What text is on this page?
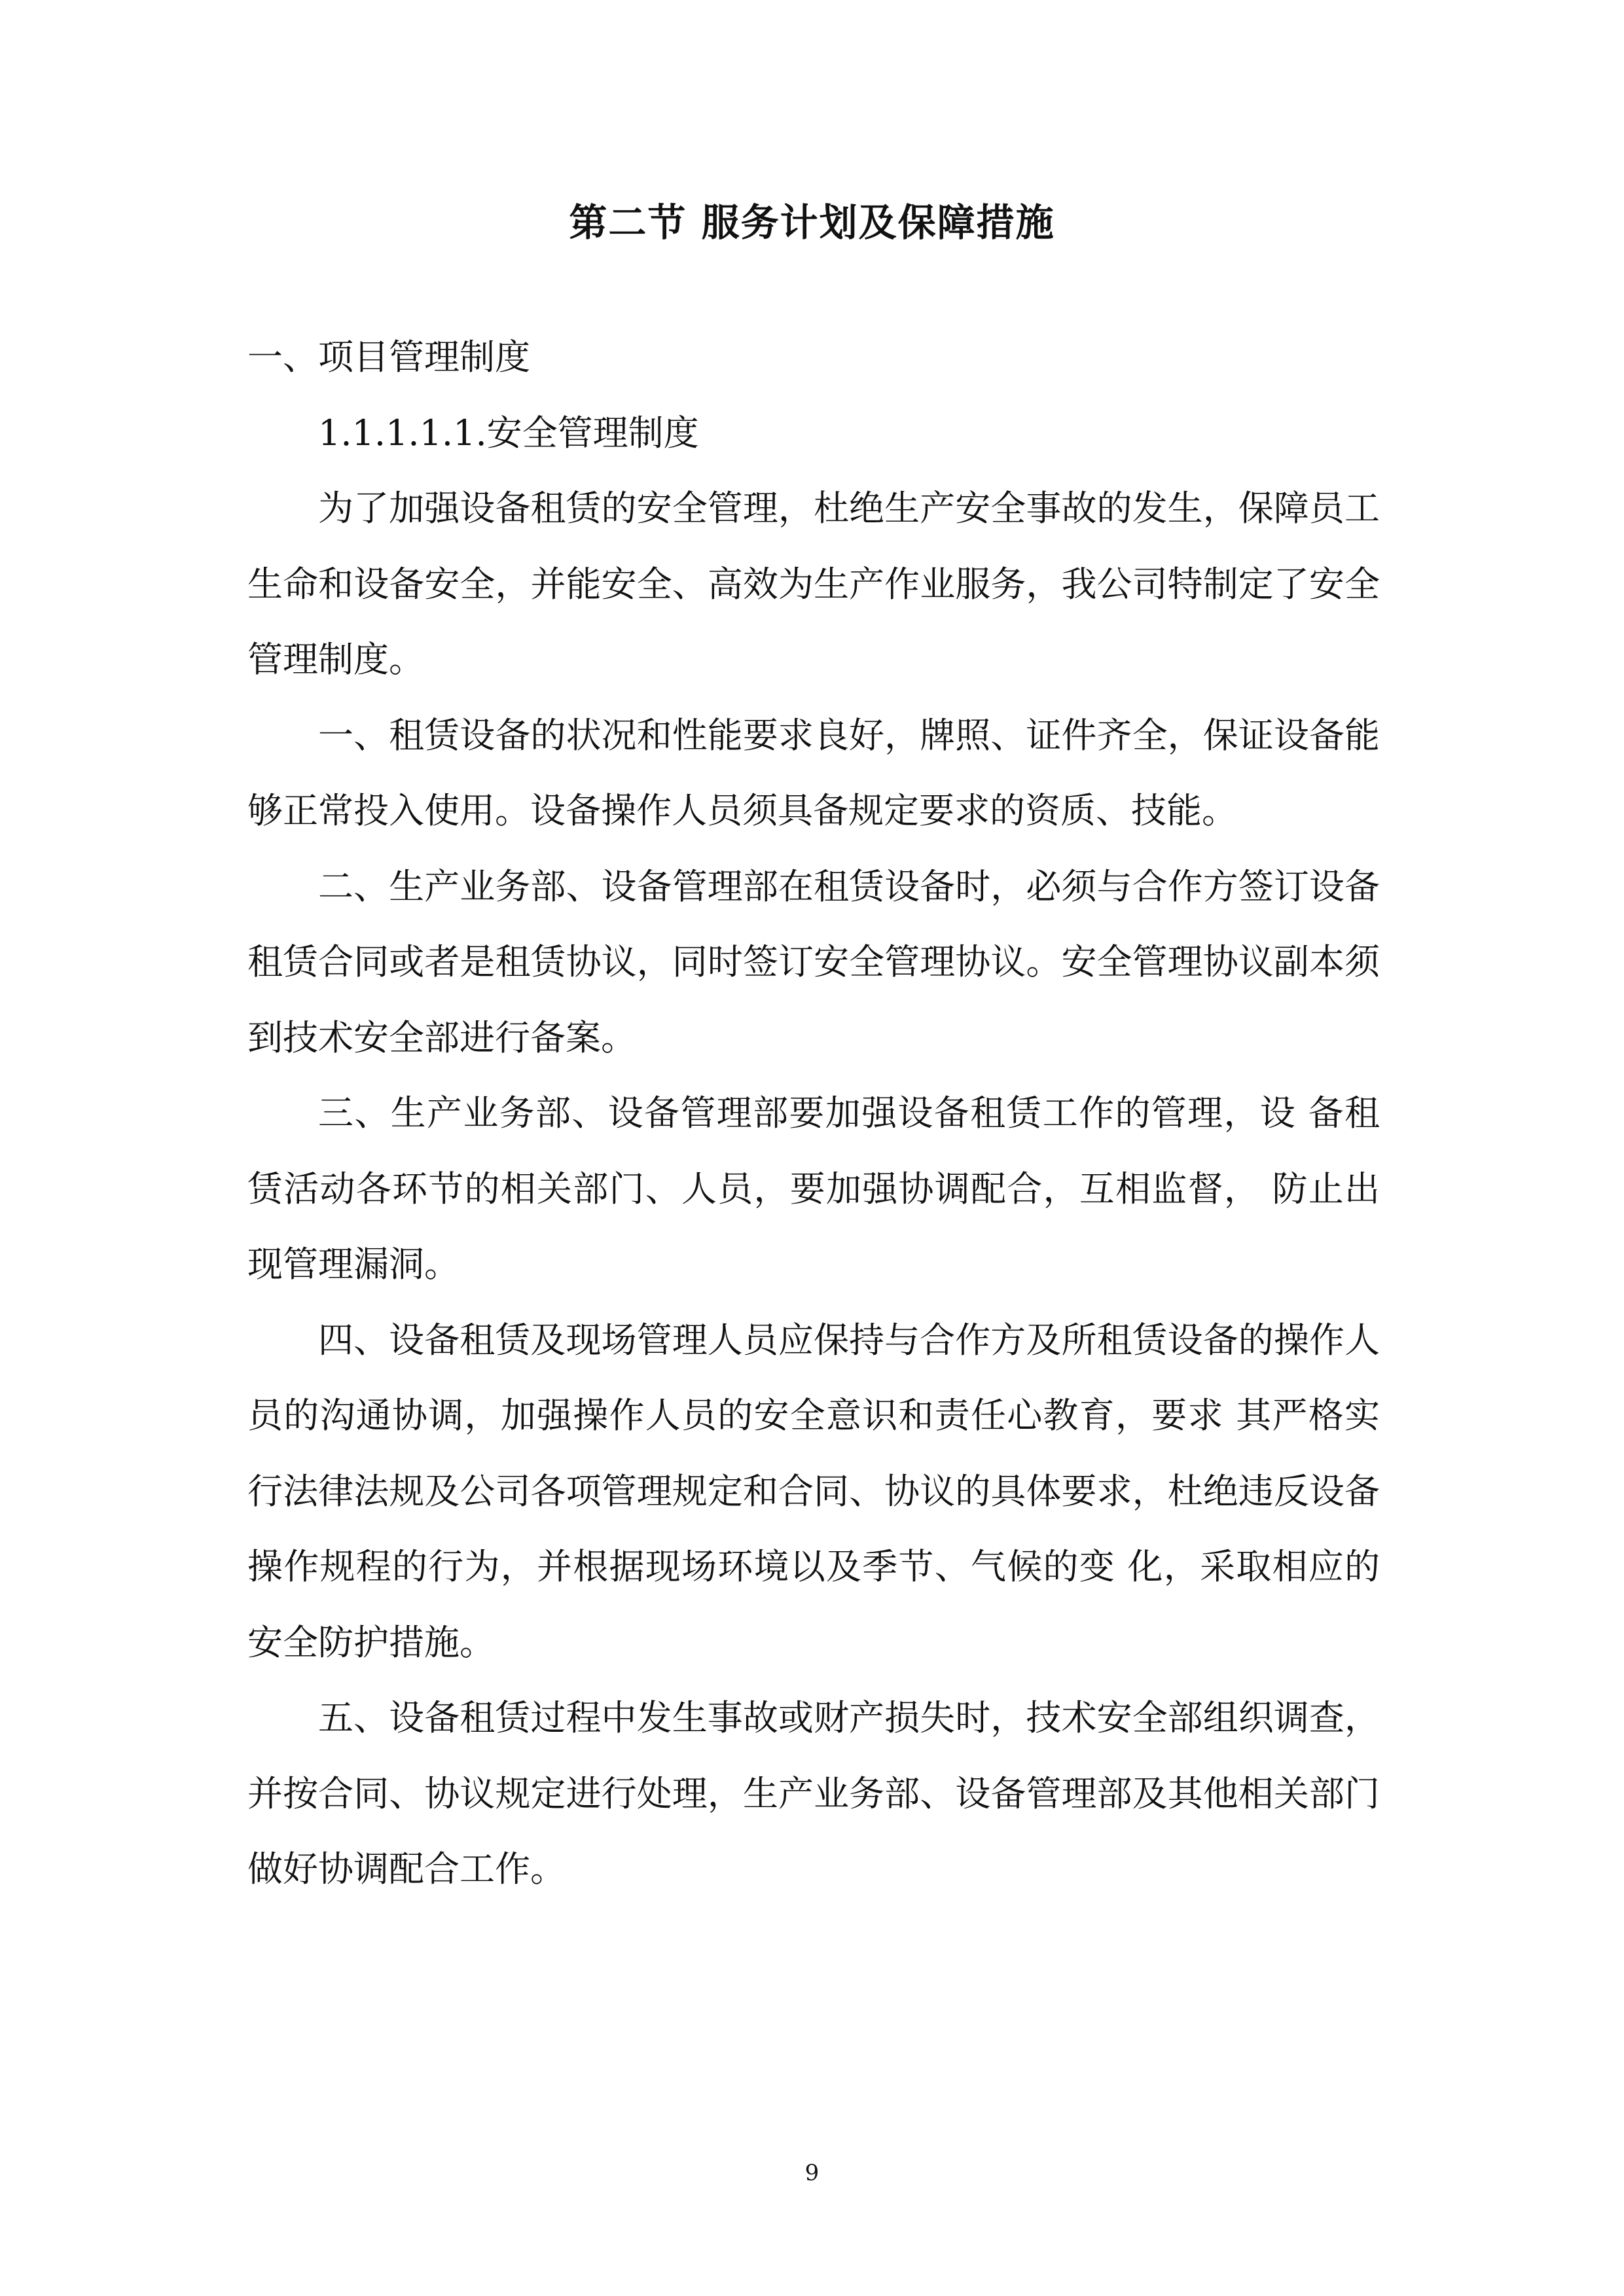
第二节 服务计划及保障措施

一、项目管理制度

1.1.1.1.1.安全管理制度

为了加强设备租赁的安全管理，杜绝生产安全事故的发生，保障员工生命和设备安全，并能安全、高效为生产作业服务，我公司特制定了安全管理制度。

一、租赁设备的状况和性能要求良好，牌照、证件齐全，保证设备能够正常投入使用。设备操作人员须具备规定要求的资质、技能。

二、生产业务部、设备管理部在租赁设备时，必须与合作方签订设备租赁合同或者是租赁协议，同时签订安全管理协议。安全管理协议副本须到技术安全部进行备案。

三、生产业务部、设备管理部要加强设备租赁工作的管理，设 备租赁活动各环节的相关部门、人员，要加强协调配合，互相监督， 防止出现管理漏洞。

四、设备租赁及现场管理人员应保持与合作方及所租赁设备的操作人员的沟通协调，加强操作人员的安全意识和责任心教育，要求 其严格实行法律法规及公司各项管理规定和合同、协议的具体要求，杜绝违反设备操作规程的行为，并根据现场环境以及季节、气候的变 化，采取相应的安全防护措施。

五、设备租赁过程中发生事故或财产损失时，技术安全部组织调查，并按合同、协议规定进行处理，生产业务部、设备管理部及其他相关部门做好协调配合工作。

9
